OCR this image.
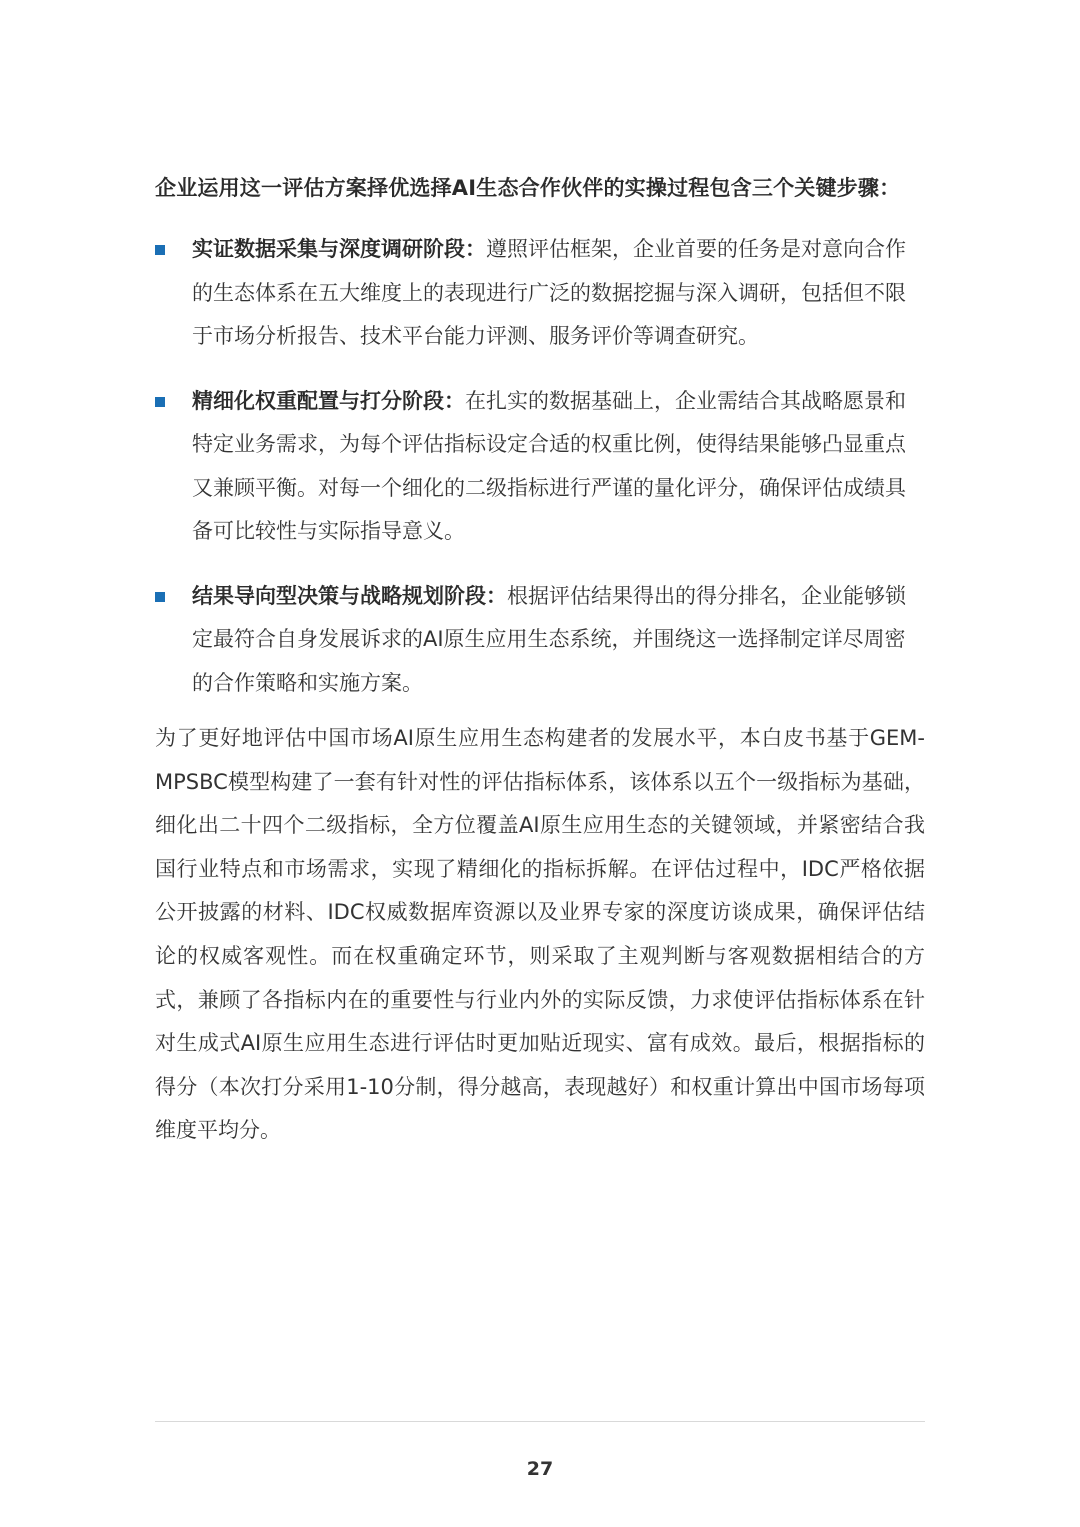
企业运用这一评估方案择优选择AI生态合作伙伴的实操过程包含三个关键步骤：

实证数据采集与深度调研阶段：遵照评估框架，企业首要的任务是对意向合作的生态体系在五大维度上的表现进行广泛的数据挖掘与深入调研，包括但不限于市场分析报告、技术平台能力评测、服务评价等调查研究。
精细化权重配置与打分阶段：在扎实的数据基础上，企业需结合其战略愿景和特定业务需求，为每个评估指标设定合适的权重比例，使得结果能够凸显重点又兼顾平衡。对每一个细化的二级指标进行严谨的量化评分，确保评估成绩具备可比较性与实际指导意义。
结果导向型决策与战略规划阶段：根据评估结果得出的得分排名，企业能够锁定最符合自身发展诉求的AI原生应用生态系统，并围绕这一选择制定详尽周密的合作策略和实施方案。

为了更好地评估中国市场AI原生应用生态构建者的发展水平，本白皮书基于GEM-MPSBC模型构建了一套有针对性的评估指标体系，该体系以五个一级指标为基础，细化出二十四个二级指标，全方位覆盖AI原生应用生态的关键领域，并紧密结合我国行业特点和市场需求，实现了精细化的指标拆解。在评估过程中，IDC严格依据公开披露的材料、IDC权威数据库资源以及业界专家的深度访谈成果，确保评估结论的权威客观性。而在权重确定环节，则采取了主观判断与客观数据相结合的方式，兼顾了各指标内在的重要性与行业内外的实际反馈，力求使评估指标体系在针对生成式AI原生应用生态进行评估时更加贴近现实、富有成效。最后，根据指标的得分（本次打分采用1-10分制，得分越高，表现越好）和权重计算出中国市场每项维度平均分。

27
